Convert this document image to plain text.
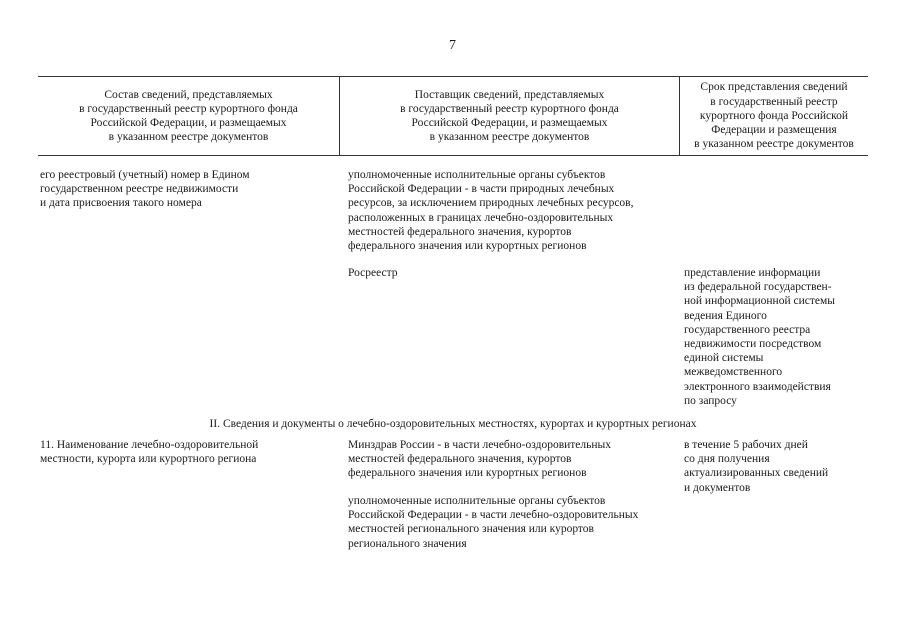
7
Состав сведений, представляемых
в государственный реестр курортного фонда
Российской Федерации, и размещаемых
в указанном реестре документов
Поставщик сведений, представляемых
в государственный реестр курортного фонда
Российской Федерации, и размещаемых
в указанном реестре документов
Срок представления сведений
в государственный реестр
курортного фонда Российской
Федерации и размещения
в указанном реестре документов
его реестровый (учетный) номер в Едином
государственном реестре недвижимости
и дата присвоения такого номера
уполномоченные исполнительные органы субъектов
Российской Федерации - в части природных лечебных
ресурсов, за исключением природных лечебных ресурсов,
расположенных в границах лечебно-оздоровительных
местностей федерального значения, курортов
федерального значения или курортных регионов
Росреестр	представление информации
из федеральной государствен-
ной информационной системы
ведения Единого
государственного реестра
недвижимости посредством
единой системы
межведомственного
электронного взаимодействия
по запросу
II. Сведения и документы о лечебно-оздоровительных местностях, курортах и курортных регионах
11. Наименование лечебно-оздоровительной
местности, курорта или курортного региона
Минздрав России - в части лечебно-оздоровительных
местностей федерального значения, курортов
федерального значения или курортных регионов
уполномоченные исполнительные органы субъектов
Российской Федерации - в части лечебно-оздоровительных
местностей регионального значения или курортов
регионального значения
в течение 5 рабочих дней
со дня получения
актуализированных сведений
и документов
